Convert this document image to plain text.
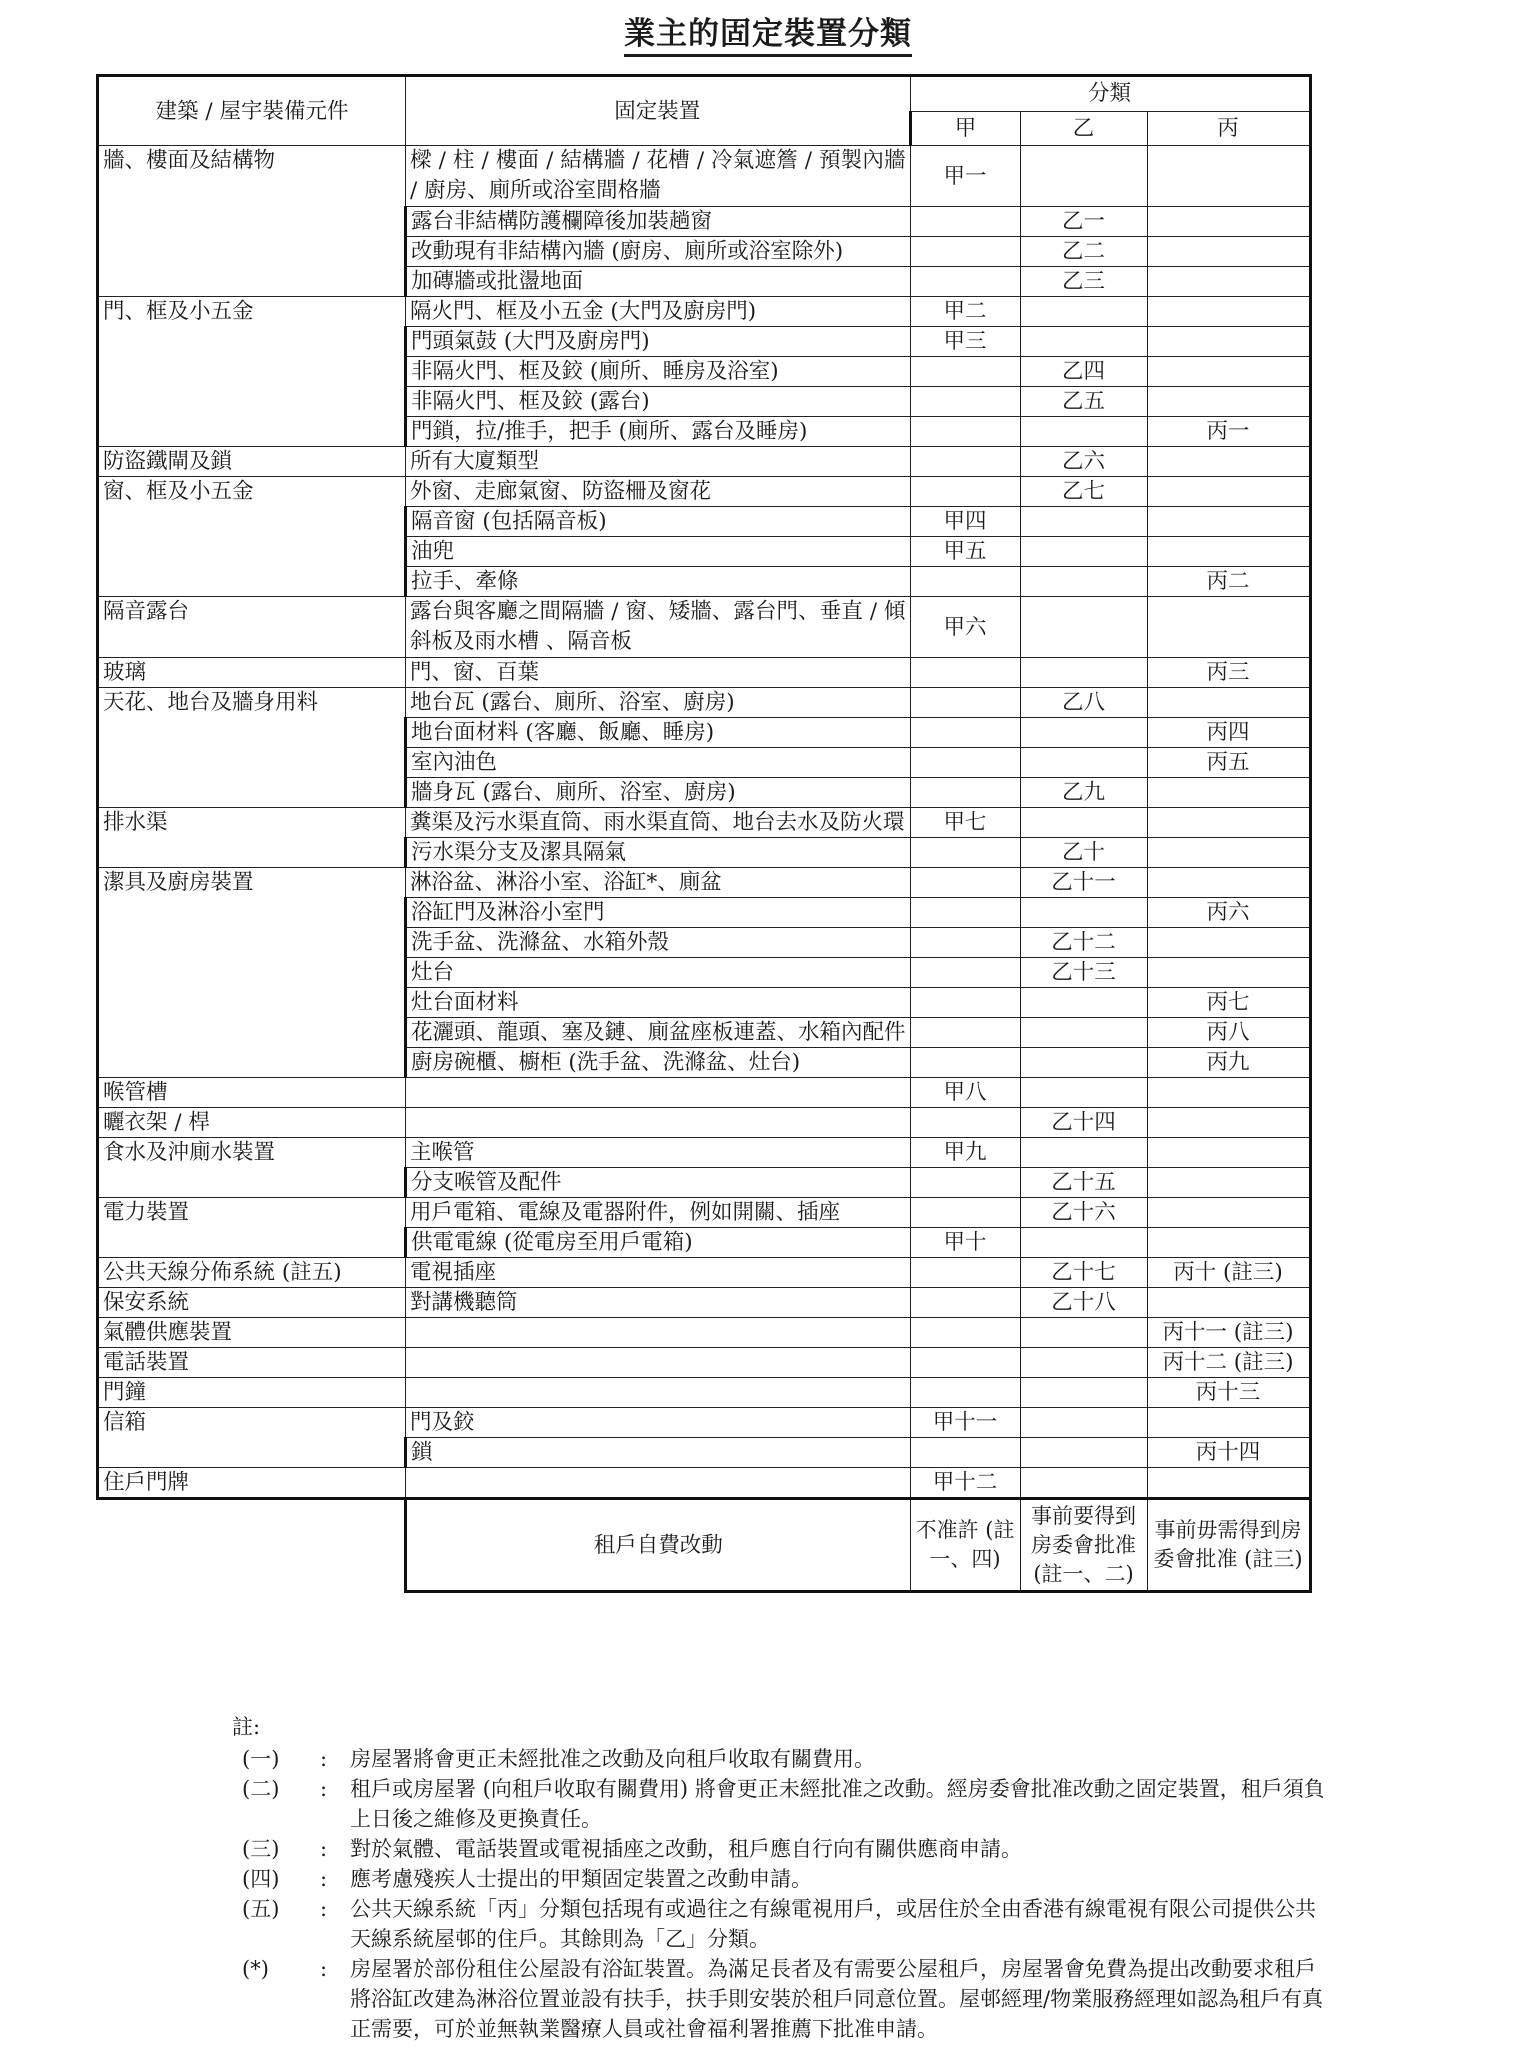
業主的固定裝置分類
建築 / 屋宇裝備元件	固定裝置	分類		
		甲	乙	丙
牆、樓面及結構物	樑 / 柱 / 樓面 / 結構牆 / 花槽 / 冷氣遮簷 / 預製內牆 / 廚房、廁所或浴室間格牆	甲一		
	露台非結構防護欄障後加裝趟窗		乙一	
	改動現有非結構內牆 (廚房、廁所或浴室除外)		乙二	
	加磚牆或批盪地面		乙三	
門、框及小五金	隔火門、框及小五金 (大門及廚房門)	甲二		
	門頭氣鼓 (大門及廚房門)	甲三		
	非隔火門、框及鉸 (廁所、睡房及浴室)		乙四	
	非隔火門、框及鉸 (露台)		乙五	
	門鎖，拉/推手，把手 (廁所、露台及睡房)			丙一
防盜鐵閘及鎖	所有大廈類型		乙六	
窗、框及小五金	外窗、走廊氣窗、防盜柵及窗花		乙七	
	隔音窗 (包括隔音板)	甲四		
	油兜	甲五		
	拉手、牽條			丙二
隔音露台	露台與客廳之間隔牆 / 窗、矮牆、露台門、垂直 / 傾斜板及雨水槽 、隔音板	甲六		
玻璃	門、窗、百葉			丙三
天花、地台及牆身用料	地台瓦 (露台、廁所、浴室、廚房)		乙八	
	地台面材料 (客廳、飯廳、睡房)			丙四
	室內油色			丙五
	牆身瓦 (露台、廁所、浴室、廚房)		乙九	
排水渠	糞渠及污水渠直筒、雨水渠直筒、地台去水及防火環	甲七		
	污水渠分支及潔具隔氣		乙十	
潔具及廚房裝置	淋浴盆、淋浴小室、浴缸*、廁盆		乙十一	
	浴缸門及淋浴小室門			丙六
	洗手盆、洗滌盆、水箱外殼		乙十二	
	灶台		乙十三	
	灶台面材料			丙七
	花灑頭、龍頭、塞及鏈、廁盆座板連蓋、水箱內配件			丙八
	廚房碗櫃、櫥柜 (洗手盆、洗滌盆、灶台)			丙九
喉管槽		甲八		
曬衣架 / 桿			乙十四	
食水及沖廁水裝置	主喉管	甲九		
	分支喉管及配件		乙十五	
電力裝置	用戶電箱、電線及電器附件，例如開關、插座		乙十六	
	供電電線 (從電房至用戶電箱)	甲十		
公共天線分佈系統 (註五)	電視插座		乙十七	丙十 (註三)
保安系統	對講機聽筒		乙十八	
氣體供應裝置				丙十一 (註三)
電話裝置				丙十二 (註三)
門鐘				丙十三
信箱	門及鉸	甲十一		
	鎖			丙十四
住戶門牌		甲十二		
	租戶自費改動	不准許 (註一、四)	事前要得到房委會批准 (註一、二)	事前毋需得到房委會批准 (註三)
註:
(一)	:	房屋署將會更正未經批准之改動及向租戶收取有關費用。
(二)	:	租戶或房屋署 (向租戶收取有關費用) 將會更正未經批准之改動。經房委會批准改動之固定裝置，租戶須負上日後之維修及更換責任。
(三)	:	對於氣體、電話裝置或電視插座之改動，租戶應自行向有關供應商申請。
(四)	:	應考慮殘疾人士提出的甲類固定裝置之改動申請。
(五)	:	公共天線系統「丙」分類包括現有或過往之有線電視用戶，或居住於全由香港有線電視有限公司提供公共天線系統屋邨的住戶。其餘則為「乙」分類。
(*)	:	房屋署於部份租住公屋設有浴缸裝置。為滿足長者及有需要公屋租戶，房屋署會免費為提出改動要求租戶將浴缸改建為淋浴位置並設有扶手，扶手則安裝於租戶同意位置。屋邨經理/物業服務經理如認為租戶有真正需要，可於並無執業醫療人員或社會福利署推薦下批准申請。
